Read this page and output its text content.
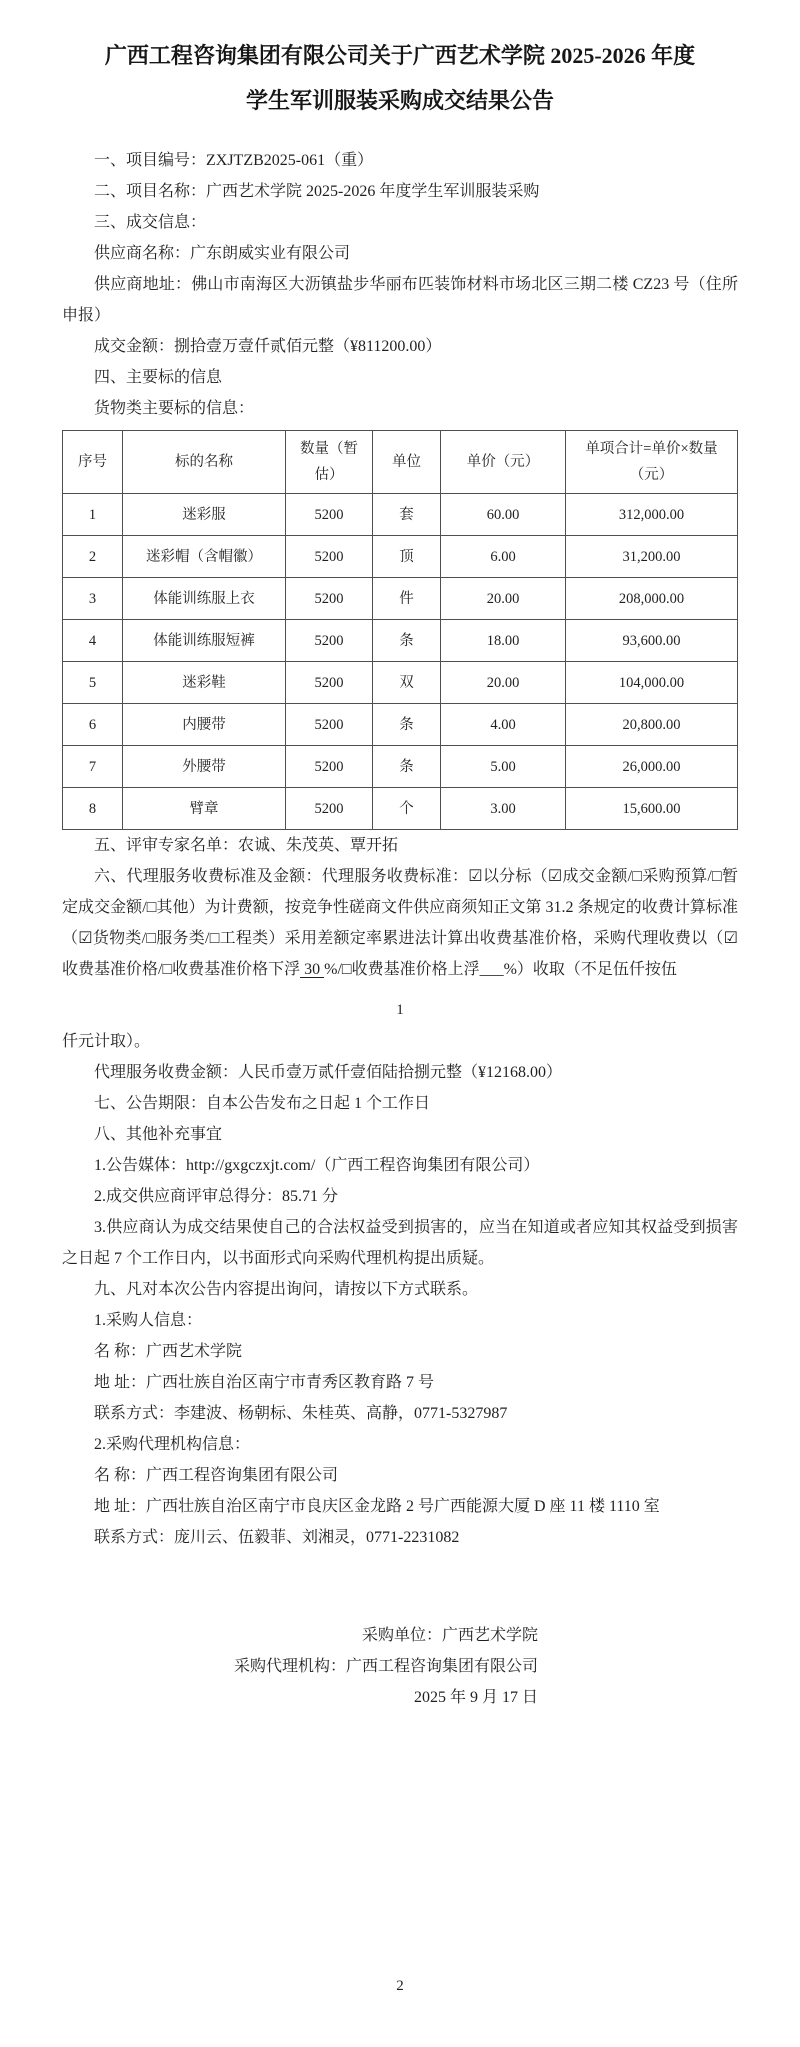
广西工程咨询集团有限公司关于广西艺术学院 2025-2026 年度
学生军训服装采购成交结果公告

一、项目编号：ZXJTZB2025-061（重）

二、项目名称：广西艺术学院 2025-2026 年度学生军训服装采购

三、成交信息：

供应商名称：广东朗威实业有限公司

供应商地址：佛山市南海区大沥镇盐步华丽布匹装饰材料市场北区三期二楼 CZ23 号（住所申报）

成交金额：捌拾壹万壹仟贰佰元整（¥811200.00）

四、主要标的信息

货物类主要标的信息：

序号	标的名称	数量（暂估）	单位	单价（元）	单项合计=单价×数量（元）
1	迷彩服	5200	套	60.00	312,000.00
2	迷彩帽（含帽徽）	5200	顶	6.00	31,200.00
3	体能训练服上衣	5200	件	20.00	208,000.00
4	体能训练服短裤	5200	条	18.00	93,600.00
5	迷彩鞋	5200	双	20.00	104,000.00
6	内腰带	5200	条	4.00	20,800.00
7	外腰带	5200	条	5.00	26,000.00
8	臂章	5200	个	3.00	15,600.00

五、评审专家名单：农诚、朱茂英、覃开拓

六、代理服务收费标准及金额：代理服务收费标准：☑以分标（☑成交金额/□采购预算/□暂定成交金额/□其他）为计费额，按竞争性磋商文件供应商须知正文第 31.2 条规定的收费计算标准（☑货物类/□服务类/□工程类）采用差额定率累进法计算出收费基准价格，采购代理收费以（☑收费基准价格/□收费基准价格下浮 30 %/□收费基准价格上浮___%）收取（不足伍仟按伍

1

仟元计取）。

代理服务收费金额：人民币壹万贰仟壹佰陆拾捌元整（¥12168.00）

七、公告期限：自本公告发布之日起 1 个工作日

八、其他补充事宜

1.公告媒体：http://gxgczxjt.com/（广西工程咨询集团有限公司）

2.成交供应商评审总得分：85.71 分

3.供应商认为成交结果使自己的合法权益受到损害的，应当在知道或者应知其权益受到损害之日起 7 个工作日内，以书面形式向采购代理机构提出质疑。

九、凡对本次公告内容提出询问，请按以下方式联系。

1.采购人信息：

名 称：广西艺术学院

地 址：广西壮族自治区南宁市青秀区教育路 7 号

联系方式：李建波、杨朝标、朱桂英、高静，0771-5327987

2.采购代理机构信息：

名 称：广西工程咨询集团有限公司

地 址：广西壮族自治区南宁市良庆区金龙路 2 号广西能源大厦 D 座 11 楼 1110 室

联系方式：庞川云、伍毅菲、刘湘灵，0771-2231082

采购单位：广西艺术学院

采购代理机构：广西工程咨询集团有限公司

2025 年 9 月 17 日

2
